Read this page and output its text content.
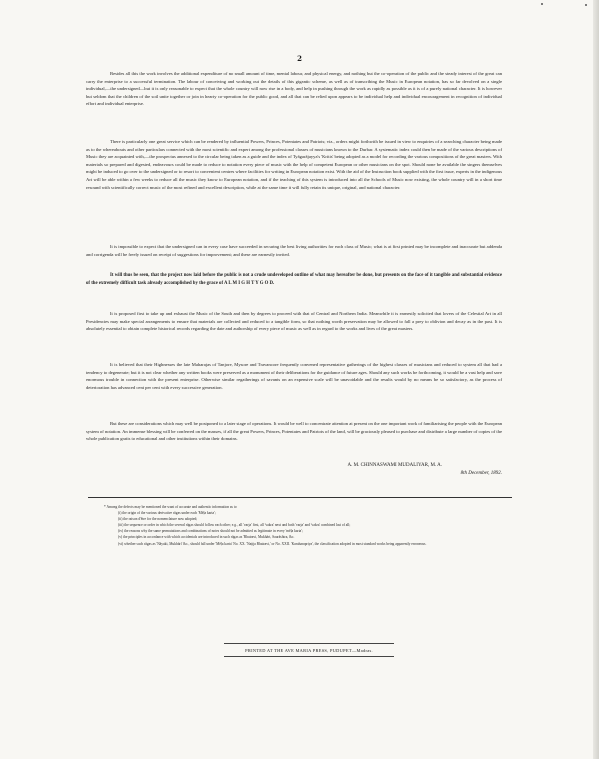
2

Besides all this the work involves the additional expenditure of no small amount of time, mental labour, and physical energy, and nothing but the co-operation of the public and the steady interest of the great can carry the enterprise to a successful termination. The labour of conceiving and working out the details of this gigantic scheme, as well as of transcribing the Music in European notation, has so far devolved on a single individual,—the undersigned—but it is only reasonable to expect that the whole country will now rise in a body, and help in pushing through the work as rapidly as possible as it is of a purely national character. It is however but seldom that the children of the soil unite together or join in hearty co-operation for the public good, and all that can be relied upon appears to be individual help and individual encouragement in recognition of individual effort and individual enterprise.

There is particularly one great service which can be rendered by influential Powers, Princes, Potentates and Patriots; viz., orders might forthwith be issued in view to enquiries of a searching character being made as to the whereabouts and other particulars connected with the most scientific and expert among the professional classes of musicians known to the Durbar. A systematic index could then be made of the various descriptions of Music they are acquainted with,—the prospectus annexed to the circular being taken as a guide and the index of Tyāgarājayya's 'Kritis' being adopted as a model for recording the various compositions of the great masters. With materials so prepared and digested, endeavours could be made to reduce to notation every piece of music with the help of competent European or other musicians on the spot. Should none be available the singers themselves might be induced to go over to the undersigned or to resort to convenient centres where facilities for writing in European notation exist. With the aid of the Instruction book supplied with the first issue, experts in the indigenous Art will be able within a few weeks to reduce all the music they know to European notation, and if the teaching of this system is introduced into all the Schools of Music now existing, the whole country will in a short time resound with scientifically correct music of the most refined and excellent description, while at the same time it will fully retain its unique, original, and national character.

It is impossible to expect that the undersigned can in every case have succeeded in securing the best living authorities for each class of Music; what is at first printed may be incomplete and inaccurate but addenda and corrigenda will be freely issued on receipt of suggestions for improvement; and these are earnestly invited.

It will thus be seen, that the project now laid before the public is not a crude undeveloped outline of what may hereafter be done, but presents on the face of it tangible and substantial evidence of the extremely difficult task already accomplished by the grace of A L M I G H T Y G O D.

It is proposed first to take up and exhaust the Music of the South and then by degrees to proceed with that of Central and Northern India. Meanwhile it is earnestly solicited that lovers of the Celestial Art in all Presidencies may make special arrangements to ensure that materials are collected and reduced to a tangible form, so that nothing worth preservation may be allowed to fall a prey to oblivion and decay as in the past. It is absolutely essential to obtain complete historical records regarding the date and authorship of every piece of music as well as in regard to the works and lives of the great masters.

It is believed that their Highnesses the late Maharajas of Tanjore, Mysore and Travancore frequently convened representative gatherings of the highest classes of musicians and reduced to system all that had a tendency to degenerate; but it is not clear whether any written books were preserved as a monument of their deliberations for the guidance of future ages. Should any such works be forthcoming, it would be a vast help and save enormous trouble in connection with the present enterprise. Otherwise similar regatherings of savants on an expensive scale will be unavoidable and the results would by no means be so satisfactory, as the process of deterioration has advanced cent per cent with every successive generation.

But these are considerations which may well be postponed to a later stage of operations. It would be well to concentrate attention at present on the one important work of familiarising the people with the European system of notation. An immense blessing will be conferred on the masses, if all the great Powers, Princes, Potentates and Patriots of the land, will be graciously pleased to purchase and distribute a large number of copies of the whole publication gratis to educational and other institutions within their domains.

A. M. CHINNASWAMI MUDALIYAR, M. A.
8th December, 1892.
* Among the defects may be mentioned the want of accurate and authentic information as to
(i) the origin of the various derivative rāgas under each 'Mēḷa karta';
(ii) the raison d'être for the nomenclature now adopted;
(iii) the sequence or order in which the several rāgas should follow each other; e.g., all 'varja' first, all 'vakra' next and both 'varja' and 'vakra' combined last of all;
(iv) the reasons why the same permutations and combinations of notes should not be admitted as legitimate in every 'mēḷa karta';
(v) the principles in accordance with which accidentals are introduced in such rāgas as 'Bhairavi, Mukhāri, Saurāshtra, &c.
(vi) whether such rāgas as 'Nāyaki, Mukhāri' &c., should fall under 'Mēḷa karta' No. XX. 'Naṭṭja Bhairavi,' or No. XXII. 'Karaharapriya', the classification adopted in most standard works being apparently erroneous.
PRINTED AT THE AVE MARIA PRESS, PUDUPET—Madras.
